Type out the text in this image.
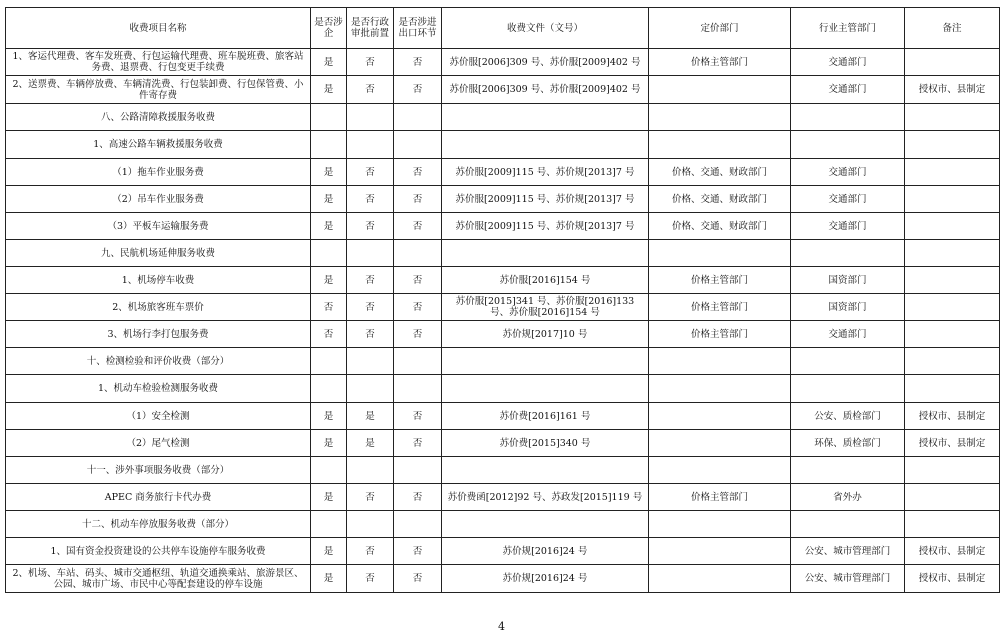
收费项目名称	是否涉企	是否行政审批前置	是否涉进出口环节	收费文件（文号）	定价部门	行业主管部门	备注
1、客运代理费、客车发班费、行包运输代理费、班车脱班费、旅客站务费、退票费、行包变更手续费	是	否	否	苏价服[2006]309 号、苏价服[2009]402 号	价格主管部门	交通部门	
2、送票费、车辆停放费、车辆清洗费、行包装卸费、行包保管费、小件寄存费	是	否	否	苏价服[2006]309 号、苏价服[2009]402 号		交通部门	授权市、县制定
八、公路清障救援服务收费							
1、高速公路车辆救援服务收费							
（1）拖车作业服务费	是	否	否	苏价服[2009]115 号、苏价规[2013]7 号	价格、交通、财政部门	交通部门	
（2）吊车作业服务费	是	否	否	苏价服[2009]115 号、苏价规[2013]7 号	价格、交通、财政部门	交通部门	
（3）平板车运输服务费	是	否	否	苏价服[2009]115 号、苏价规[2013]7 号	价格、交通、财政部门	交通部门	
九、民航机场延伸服务收费							
1、机场停车收费	是	否	否	苏价服[2016]154 号	价格主管部门	国资部门	
2、机场旅客班车票价	否	否	否	苏价服[2015]341 号、苏价服[2016]133 号、苏价服[2016]154 号	价格主管部门	国资部门	
3、机场行李打包服务费	否	否	否	苏价规[2017]10 号	价格主管部门	交通部门	
十、检测检验和评价收费（部分）							
1、机动车检验检测服务收费							
（1）安全检测	是	是	否	苏价费[2016]161 号		公安、质检部门	授权市、县制定
（2）尾气检测	是	是	否	苏价费[2015]340 号		环保、质检部门	授权市、县制定
十一、涉外事项服务收费（部分）							
APEC 商务旅行卡代办费	是	否	否	苏价费函[2012]92 号、苏政发[2015]119 号	价格主管部门	省外办	
十二、机动车停放服务收费（部分）							
1、国有资金投资建设的公共停车设施停车服务收费	是	否	否	苏价规[2016]24 号		公安、城市管理部门	授权市、县制定
2、机场、车站、码头、城市交通枢纽、轨道交通换乘站、旅游景区、公园、城市广场、市民中心等配套建设的停车设施	是	否	否	苏价规[2016]24 号		公安、城市管理部门	授权市、县制定
4
